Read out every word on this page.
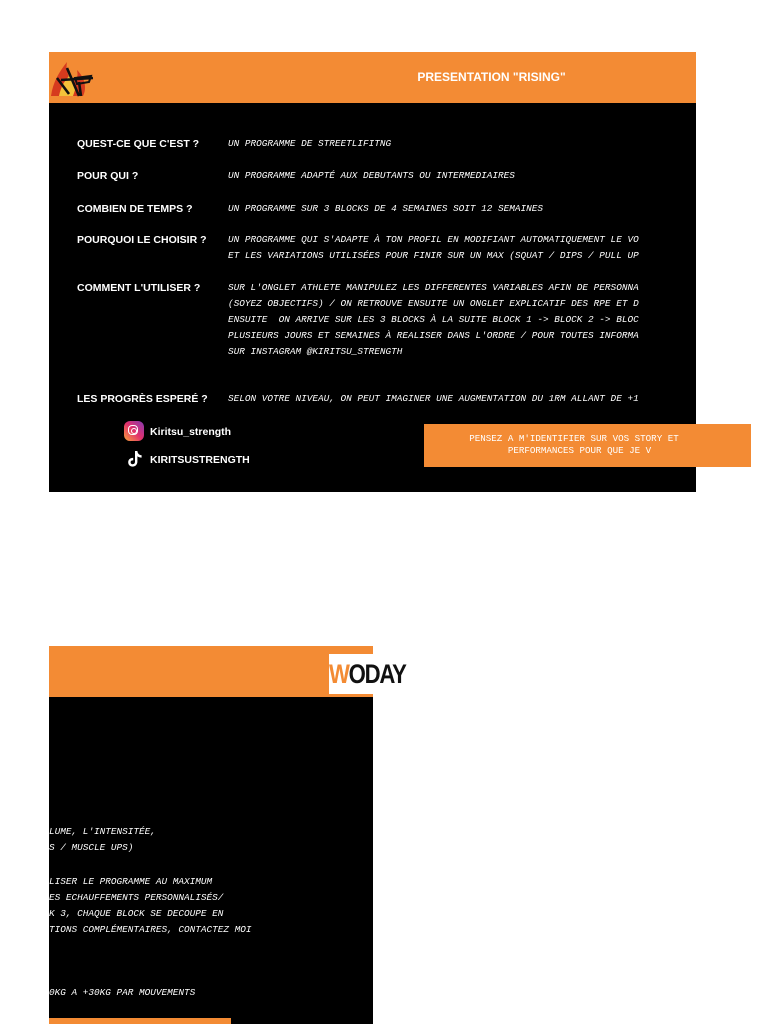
PRESENTATION "RISING"
QUEST-CE QUE C'EST ?	UN PROGRAMME DE STREETLIFITNG
POUR QUI ?	UN PROGRAMME ADAPTÉ AUX DEBUTANTS OU INTERMEDIAIRES
COMBIEN DE TEMPS ?	UN PROGRAMME SUR 3 BLOCKS DE 4 SEMAINES SOIT 12 SEMAINES
POURQUOI LE CHOISIR ? UN PROGRAMME QUI S'ADAPTE À TON PROFIL EN MODIFIANT AUTOMATIQUEMENT LE VO
ET LES VARIATIONS UTILISÉES POUR FINIR SUR UN MAX (SQUAT / DIPS / PULL UP
COMMENT L'UTILISER ?	SUR L'ONGLET ATHLETE MANIPULEZ LES DIFFERENTES VARIABLES AFIN DE PERSONNA
(SOYEZ OBJECTIFS) / ON RETROUVE ENSUITE UN ONGLET EXPLICATIF DES RPE ET D
ENSUITE  ON ARRIVE SUR LES 3 BLOCKS À LA SUITE BLOCK 1 -> BLOCK 2 -> BLOC
PLUSIEURS JOURS ET SEMAINES À REALISER DANS L'ORDRE / POUR TOUTES INFORMA
SUR INSTAGRAM @KIRITSU_STRENGTH
LES PROGRÈS ESPERÉ ? SELON VOTRE NIVEAU, ON PEUT IMAGINER UNE AUGMENTATION DU 1RM ALLANT DE +1
Kiritsu_strength
KIRITSUSTRENGTH
PENSEZ A M'IDENTIFIER SUR VOS STORY ET
PERFORMANCES POUR QUE JE V
WODAY
LUME, L'INTENSITÉE,
S / MUSCLE UPS)
LISER LE PROGRAMME AU MAXIMUM
ES ECHAUFFEMENTS PERSONNALISÉS/
K 3, CHAQUE BLOCK SE DECOUPE EN
TIONS COMPLÉMENTAIRES, CONTACTEZ MOI
0KG A +30KG PAR MOUVEMENTS
